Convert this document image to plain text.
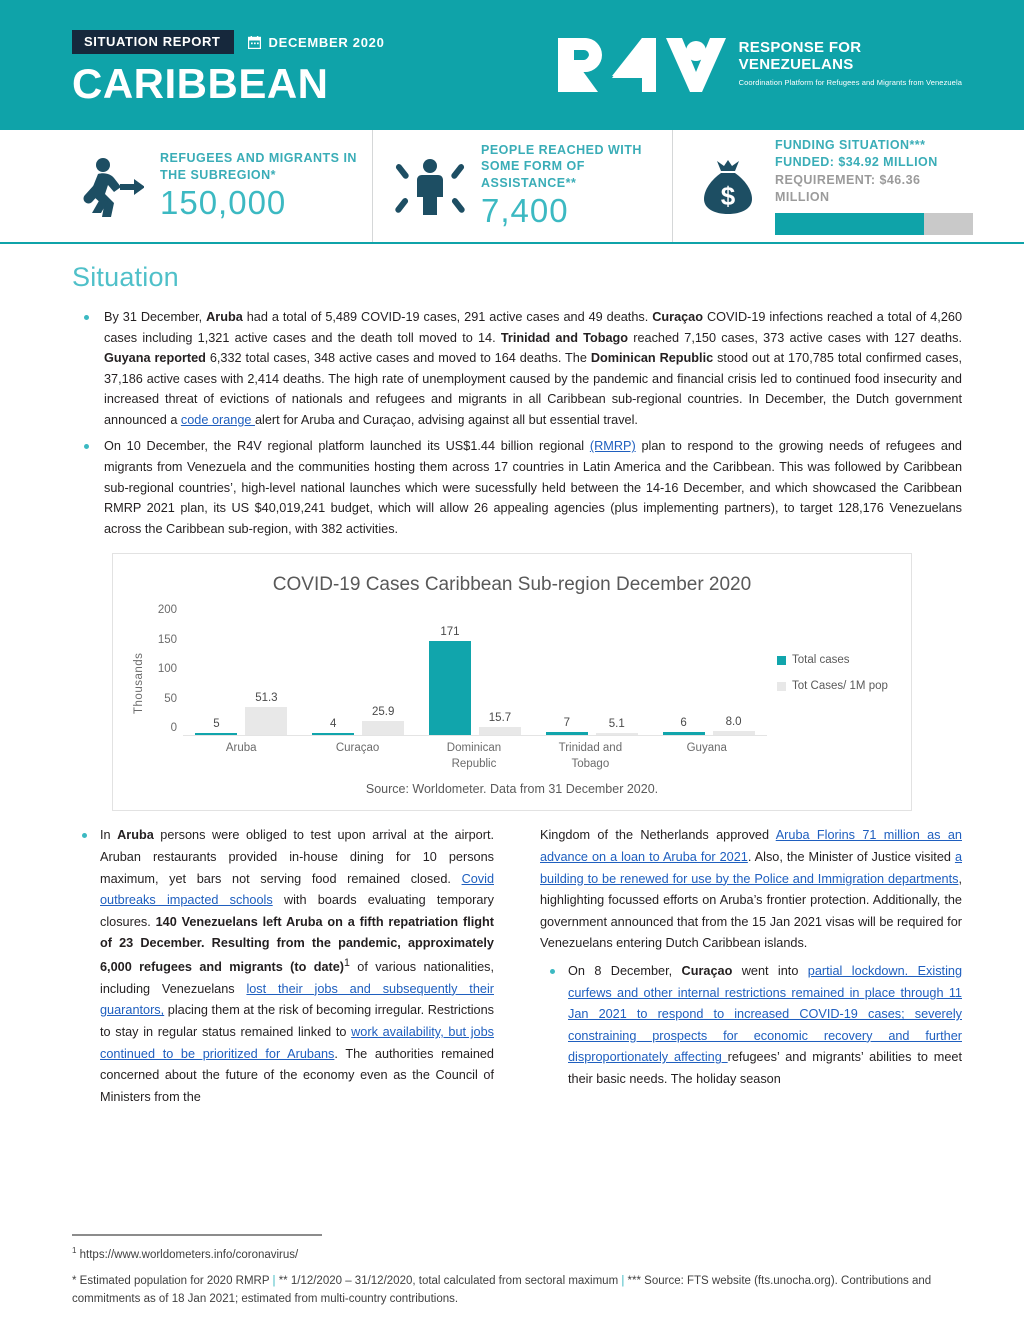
SITUATION REPORT	DECEMBER 2020
CARIBBEAN
RESPONSE FOR
VENEZUELANS
Coordination Platform for Refugees and Migrants from Venezuela
REFUGEES AND MIGRANTS IN THE SUBREGION*
150,000
PEOPLE REACHED WITH SOME FORM OF ASSISTANCE**
7,400	$
FUNDING SITUATION***
FUNDED: $34.92 MILLION
REQUIREMENT: $46.36 MILLION
Situation
By 31 December, Aruba had a total of 5,489 COVID-19 cases, 291 active cases and 49 deaths. Curaçao COVID-19 infections reached a total of 4,260 cases including 1,321 active cases and the death toll moved to 14. Trinidad and Tobago reached 7,150 cases, 373 active cases with 127 deaths. Guyana reported 6,332 total cases, 348 active cases and moved to 164 deaths. The Dominican Republic stood out at 170,785 total confirmed cases, 37,186 active cases with 2,414 deaths. The high rate of unemployment caused by the pandemic and financial crisis led to continued food insecurity and increased threat of evictions of nationals and refugees and migrants in all Caribbean sub-regional countries. In December, the Dutch government announced a code orange alert for Aruba and Curaçao, advising against all but essential travel.
On 10 December, the R4V regional platform launched its US$1.44 billion regional (RMRP) plan to respond to the growing needs of refugees and migrants from Venezuela and the communities hosting them across 17 countries in Latin America and the Caribbean. This was followed by Caribbean sub-regional countries’, high-level national launches which were sucessfully held between the 14-16 December, and which showcased the Caribbean RMRP 2021 plan, its US $40,019,241 budget, which will allow 26 appealing agencies (plus implementing partners), to target 128,176 Venezuelans across the Caribbean sub-region, with 382 activities.
COVID-19 Cases Caribbean Sub-region December 2020
Thousands
0
50
100
150
200
5
51.3
4
25.9
171
15.7	7	5.1	6	8.0
Total cases
Tot Cases/ 1M pop
Aruba	Curaçao	Dominican
Republic
Trinidad and
Tobago
Guyana
Source: Worldometer. Data from 31 December 2020.
In Aruba persons were obliged to test upon arrival at the airport. Aruban restaurants provided in-house dining for 10 persons maximum, yet bars not serving food remained closed. Covid outbreaks impacted schools with boards evaluating temporary closures. 140 Venezuelans left Aruba on a fifth repatriation flight of 23 December. Resulting from the pandemic, approximately 6,000 refugees and migrants (to date)$^1$ of various nationalities, including Venezuelans lost their jobs and subsequently their guarantors, placing them at the risk of becoming irregular. Restrictions to stay in regular status remained linked to work availability, but jobs continued to be prioritized for Arubans. The authorities remained concerned about the future of the economy even as the Council of Ministers from the
Kingdom of the Netherlands approved Aruba Florins 71 million as an advance on a loan to Aruba for 2021. Also, the Minister of Justice visited a building to be renewed for use by the Police and Immigration departments, highlighting focussed efforts on Aruba’s frontier protection. Additionally, the government announced that from the 15 Jan 2021 visas will be required for Venezuelans entering Dutch Caribbean islands.
On 8 December, Curaçao went into partial lockdown. Existing curfews and other internal restrictions remained in place through 11 Jan 2021 to respond to increased COVID-19 cases; severely constraining prospects for economic recovery and further disproportionately affecting refugees’ and migrants’ abilities to meet their basic needs. The holiday season
$^1$ https://www.worldometers.info/coronavirus/
* Estimated population for 2020 RMRP | ** 1/12/2020 – 31/12/2020, total calculated from sectoral maximum | *** Source: FTS website (fts.unocha.org). Contributions and commitments as of 18 Jan 2021; estimated from multi-country contributions.
